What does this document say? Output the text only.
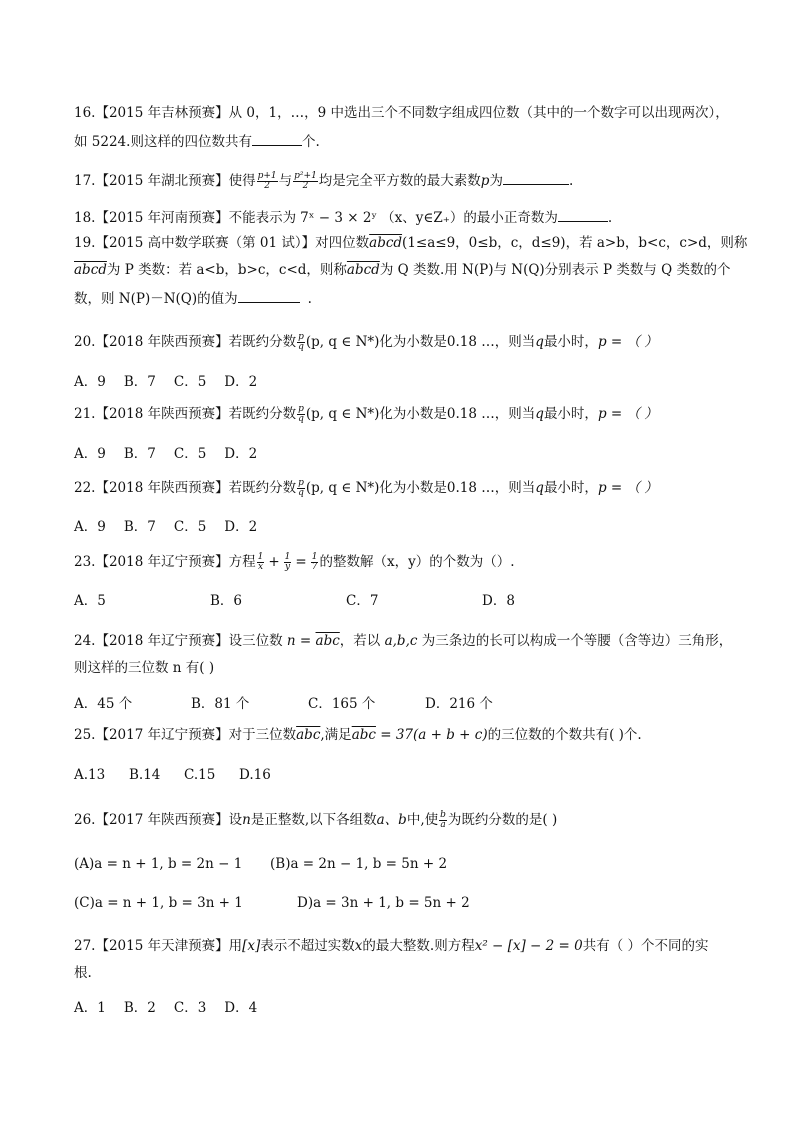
16.【2015 年吉林预赛】从 0，1，…，9 中选出三个不同数字组成四位数（其中的一个数字可以出现两次），
如 5224.则这样的四位数共有	个.
17.【2015 年湖北预赛】使得 $\frac{p+1}{2}$ 与 $\frac{\text{p²+1}}{2}$ 均是完全平方数的最大素数p为	.
18.【2015 年河南预赛】不能表示为 7ˣ − 3 × 2ʸ （x、y∈Z₊）的最小正奇数为	.
19.【2015 高中数学联赛（第 01 试）】对四位数abcd(1≤a≤9，0≤b，c，d≤9)，若 a>b，b<c，c>d，则称
abcd为 P 类数：若 a<b，b>c，c<d，则称abcd为 Q 类数.用 N(P)与 N(Q)分别表示 P 类数与 Q 类数的个
数，则 N(P)－N(Q)的值为	.
20.【2018 年陕西预赛】若既约分数 $\frac{p}{q} (p$, q ∈ N*)化为小数是0.18 …，则当q最小时，p = （ ）
A．9 B．7 C．5 D．2
21.【2018 年陕西预赛】若既约分数 $\frac{p}{q} (p$, q ∈ N*)化为小数是0.18 …，则当q最小时，p = （ ）
A．9 B．7 C．5 D．2
22.【2018 年陕西预赛】若既约分数 $\frac{p}{q} (p$, q ∈ N*)化为小数是0.18 …，则当q最小时，p = （ ）
A．9 B．7 C．5 D．2
23.【2018 年辽宁预赛】方程 $\frac{1}{x} + \frac{1}{y} = \frac{1}{7}$ 的整数解（x，y）的个数为（）.
A．5	B．6	C．7	D．8
24.【2018 年辽宁预赛】设三位数 $n = \overline{abc}$，若以 a,b,c 为三条边的长可以构成一个等腰（含等边）三角形，
则这样的三位数 n 有( )
A．45 个	B．81 个	C．165 个	D．216 个
25.【2017 年辽宁预赛】对于三位数$\overline{abc}$,满足$\overline{abc} = 37(a + b + c)$的三位数的个数共有( )个.
A.13 B.14 C.15 D.16
26.【2017 年陕西预赛】设n是正整数,以下各组数a、b中,使 $\frac{b}{a}$ 为既约分数的是( )
(A)a = n + 1, b = 2n − 1 (B)a = 2n − 1, b = 5n + 2
(C)a = n + 1, b = 3n + 1	D)a = 3n + 1, b = 5n + 2
27.【2015 年天津预赛】用[x]表示不超过实数x的最大整数.则方程x² − [x] − 2 = 0共有（ ）个不同的实
根.
A．1 B．2 C．3 D．4
